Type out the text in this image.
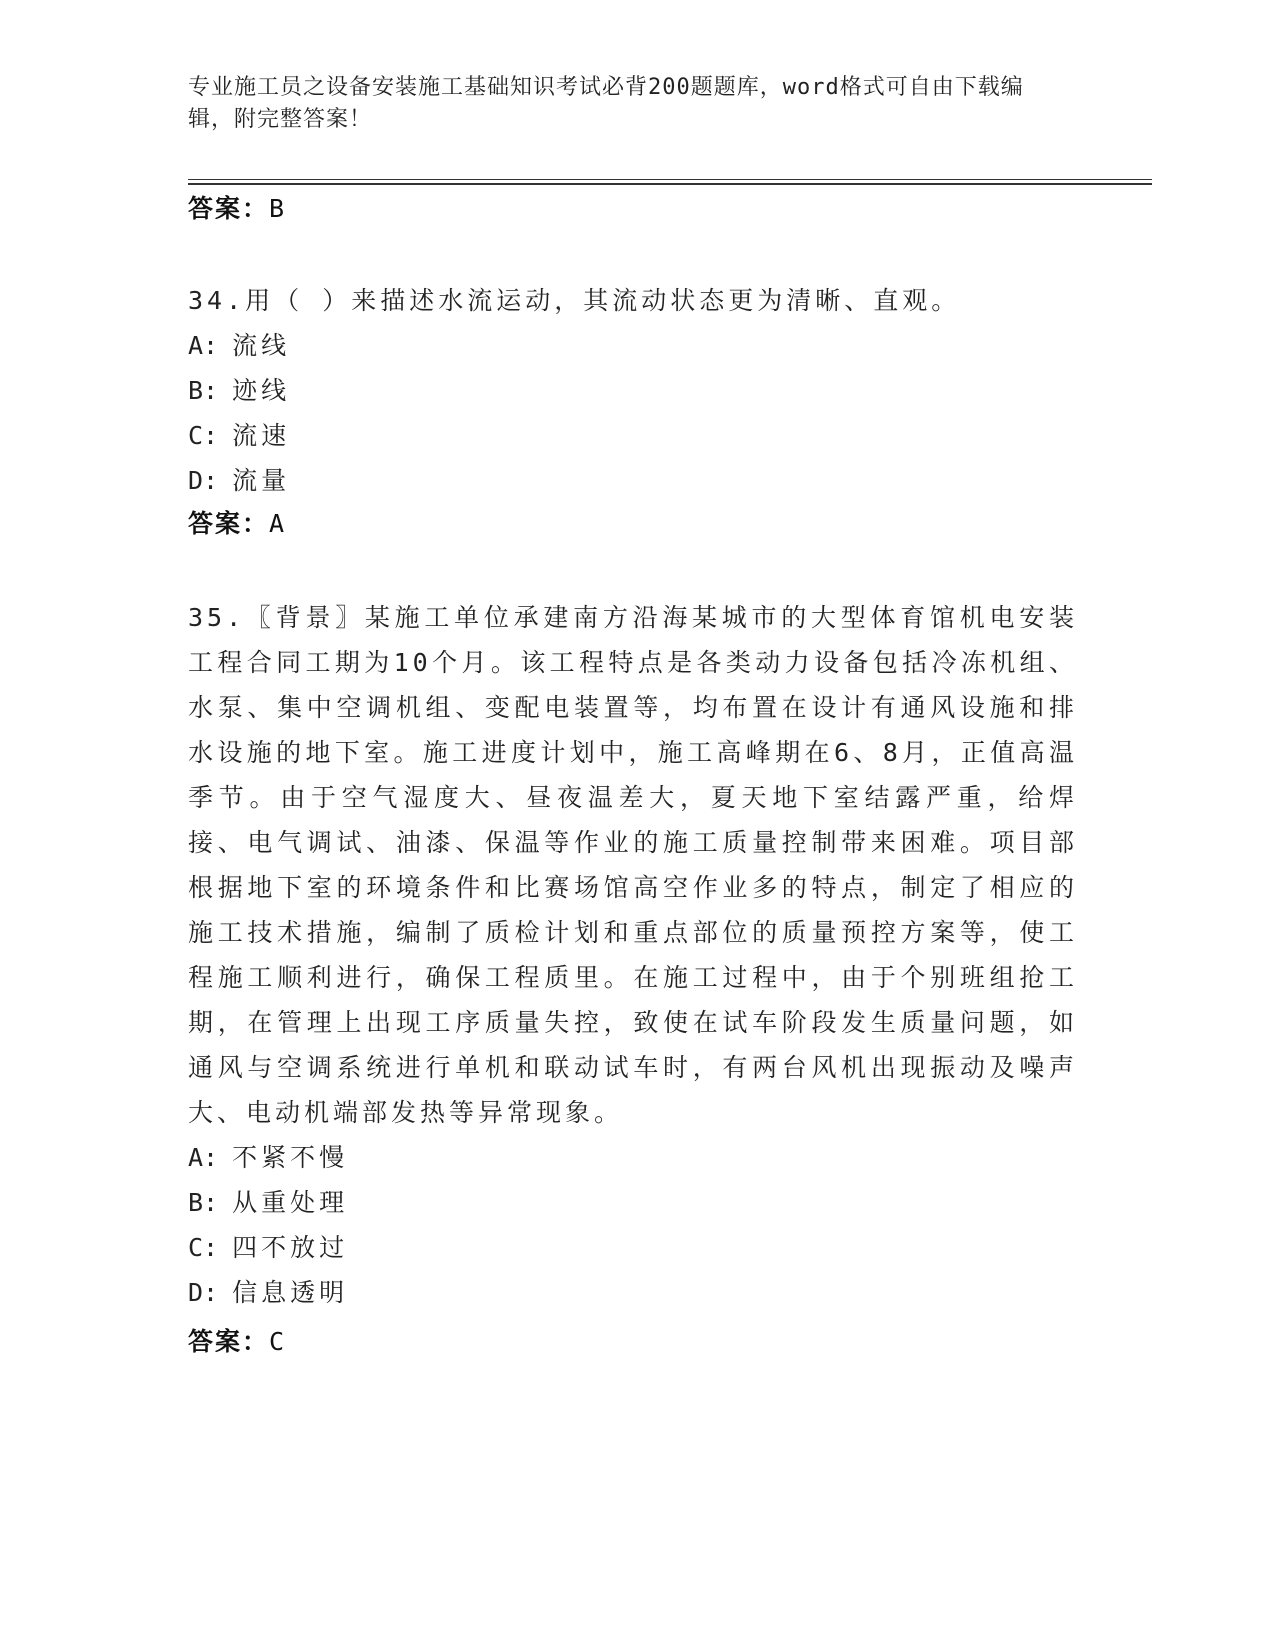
专业施工员之设备安装施工基础知识考试必背200题题库，word格式可自由下载编辑，附完整答案！
答案：B
34.用（ ）来描述水流运动，其流动状态更为清晰、直观。
A: 流线
B: 迹线
C: 流速
D: 流量
答案：A
35.〖背景〗某施工单位承建南方沿海某城市的大型体育馆机电安装工程合同工期为10个月。该工程特点是各类动力设备包括冷冻机组、水泵、集中空调机组、变配电装置等，均布置在设计有通风设施和排水设施的地下室。施工进度计划中，施工高峰期在6、8月，正值高温季节。由于空气湿度大、昼夜温差大，夏天地下室结露严重，给焊接、电气调试、油漆、保温等作业的施工质量控制带来困难。项目部根据地下室的环境条件和比赛场馆高空作业多的特点，制定了相应的施工技术措施，编制了质检计划和重点部位的质量预控方案等，使工程施工顺利进行，确保工程质里。在施工过程中，由于个别班组抢工期，在管理上出现工序质量失控，致使在试车阶段发生质量问题，如通风与空调系统进行单机和联动试车时，有两台风机出现振动及噪声大、电动机端部发热等异常现象。
A: 不紧不慢
B: 从重处理
C: 四不放过
D: 信息透明
答案：C
